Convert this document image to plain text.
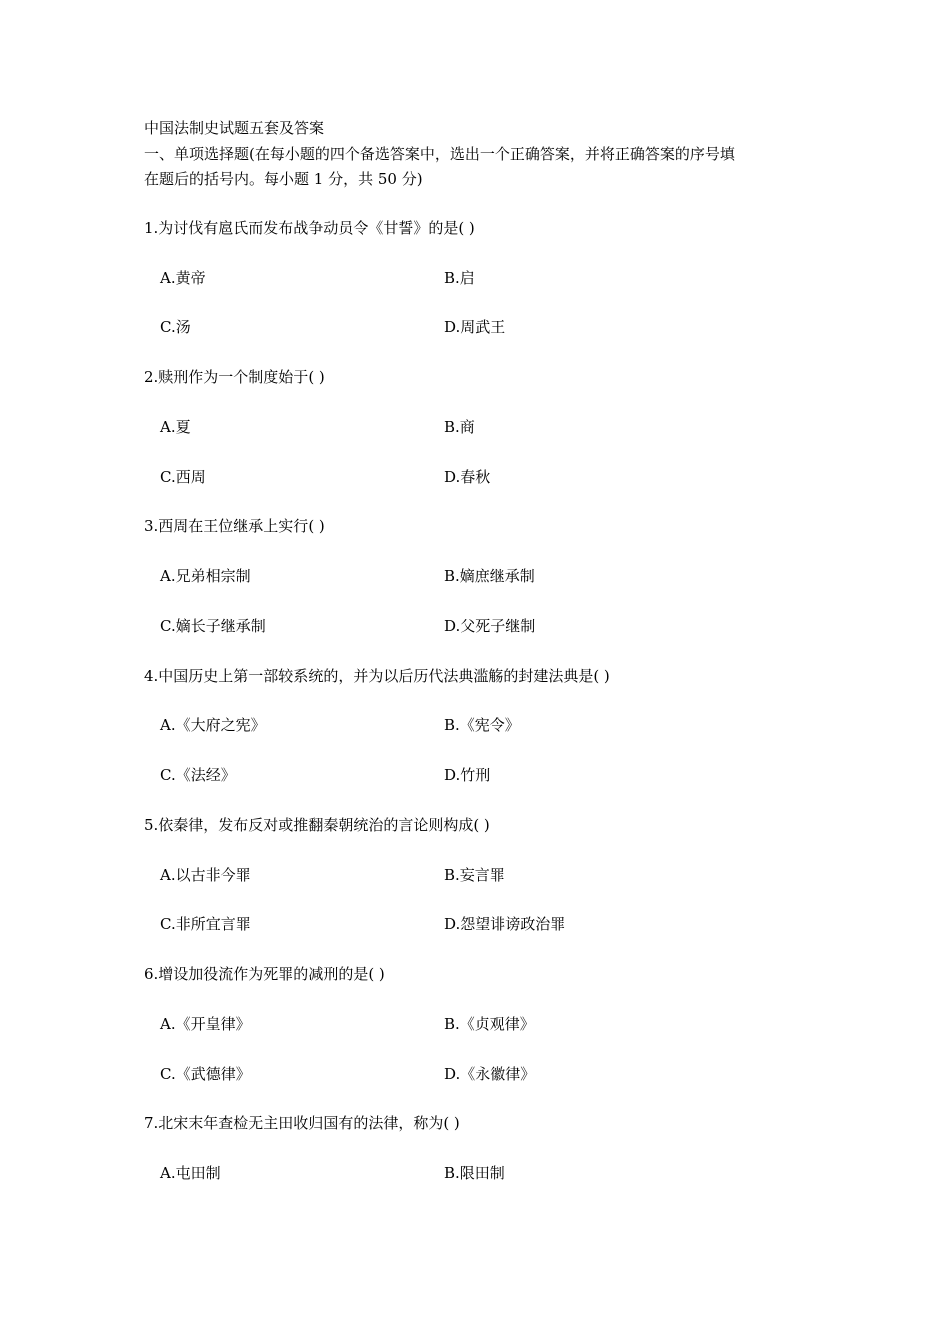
中国法制史试题五套及答案
一、单项选择题(在每小题的四个备选答案中，选出一个正确答案，并将正确答案的序号填
在题后的括号内。每小题 1 分，共 50 分)
1.为讨伐有扈氏而发布战争动员令《甘誓》的是( )
A.黄帝	B.启
C.汤	D.周武王
2.赎刑作为一个制度始于( )
A.夏	B.商
C.西周	D.春秋
3.西周在王位继承上实行( )
A.兄弟相宗制	B.嫡庶继承制
C.嫡长子继承制	D.父死子继制
4.中国历史上第一部较系统的，并为以后历代法典滥觞的封建法典是( )
A.《大府之宪》	B.《宪令》
C.《法经》	D.竹刑
5.依秦律，发布反对或推翻秦朝统治的言论则构成( )
A.以古非今罪	B.妄言罪
C.非所宜言罪	D.怨望诽谤政治罪
6.增设加役流作为死罪的减刑的是( )
A.《开皇律》	B.《贞观律》
C.《武德律》	D.《永徽律》
7.北宋末年查检无主田收归国有的法律，称为( )
A.屯田制	B.限田制
